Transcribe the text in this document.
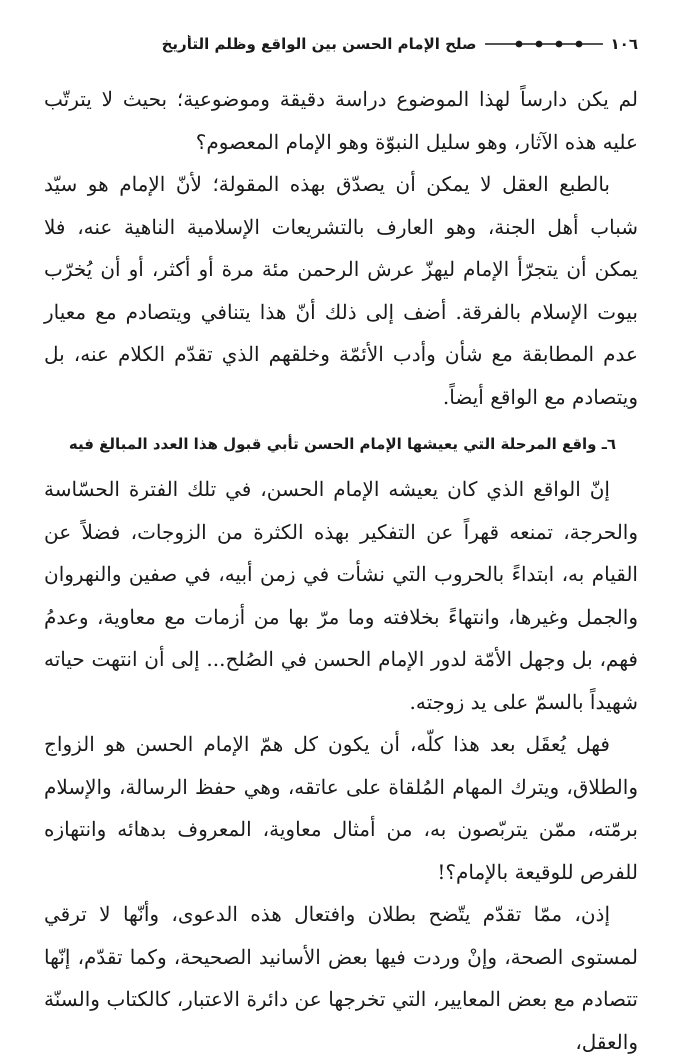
١٠٦
صلح الإمام الحسن بين الواقع وظلم التأريخ

لم يكن دارساً لهذا الموضوع دراسة دقيقة وموضوعية؛ بحيث لا يترتّب عليه هذه الآثار، وهو سليل النبوّة وهو الإمام المعصوم؟

بالطبع العقل لا يمكن أن يصدّق بهذه المقولة؛ لأنّ الإمام هو سيّد شباب أهل الجنة، وهو العارف بالتشريعات الإسلامية الناهية عنه، فلا يمكن أن يتجرّأ الإمام ليهزّ عرش الرحمن مئة مرة أو أكثر، أو أن يُخرّب بيوت الإسلام بالفرقة. أضف إلى ذلك أنّ هذا يتنافي ويتصادم مع معيار عدم المطابقة مع شأن وأدب الأئمّة وخلقهم الذي تقدّم الكلام عنه، بل ويتصادم مع الواقع أيضاً.

٦ـ واقع المرحلة التي يعيشها الإمام الحسن تأبي قبول هذا العدد المبالغ فيه

إنّ الواقع الذي كان يعيشه الإمام الحسن، في تلك الفترة الحسّاسة والحرجة، تمنعه قهراً عن التفكير بهذه الكثرة من الزوجات، فضلاً عن القيام به، ابتداءً بالحروب التي نشأت في زمن أبيه، في صفين والنهروان والجمل وغيرها، وانتهاءً بخلافته وما مرّ بها من أزمات مع معاوية، وعدمُ فهم، بل وجهل الأمّة لدور الإمام الحسن في الصُلح... إلى أن انتهت حياته شهيداً بالسمّ على يد زوجته.

فهل يُعقَل بعد هذا كلّه، أن يكون كل همّ الإمام الحسن هو الزواج والطلاق، ويترك المهام المُلقاة على عاتقه، وهي حفظ الرسالة، والإسلام برمّته، ممّن يتربّصون به، من أمثال معاوية، المعروف بدهائه وانتهازه للفرص للوقيعة بالإمام؟!

إذن، ممّا تقدّم يتّضح بطلان وافتعال هذه الدعوى، وأنّها لا ترقي لمستوى الصحة، وإنْ وردت فيها بعض الأسانيد الصحيحة، وكما تقدّم، إنّها تتصادم مع بعض المعايير، التي تخرجها عن دائرة الاعتبار، كالكتاب والسنّة والعقل،
